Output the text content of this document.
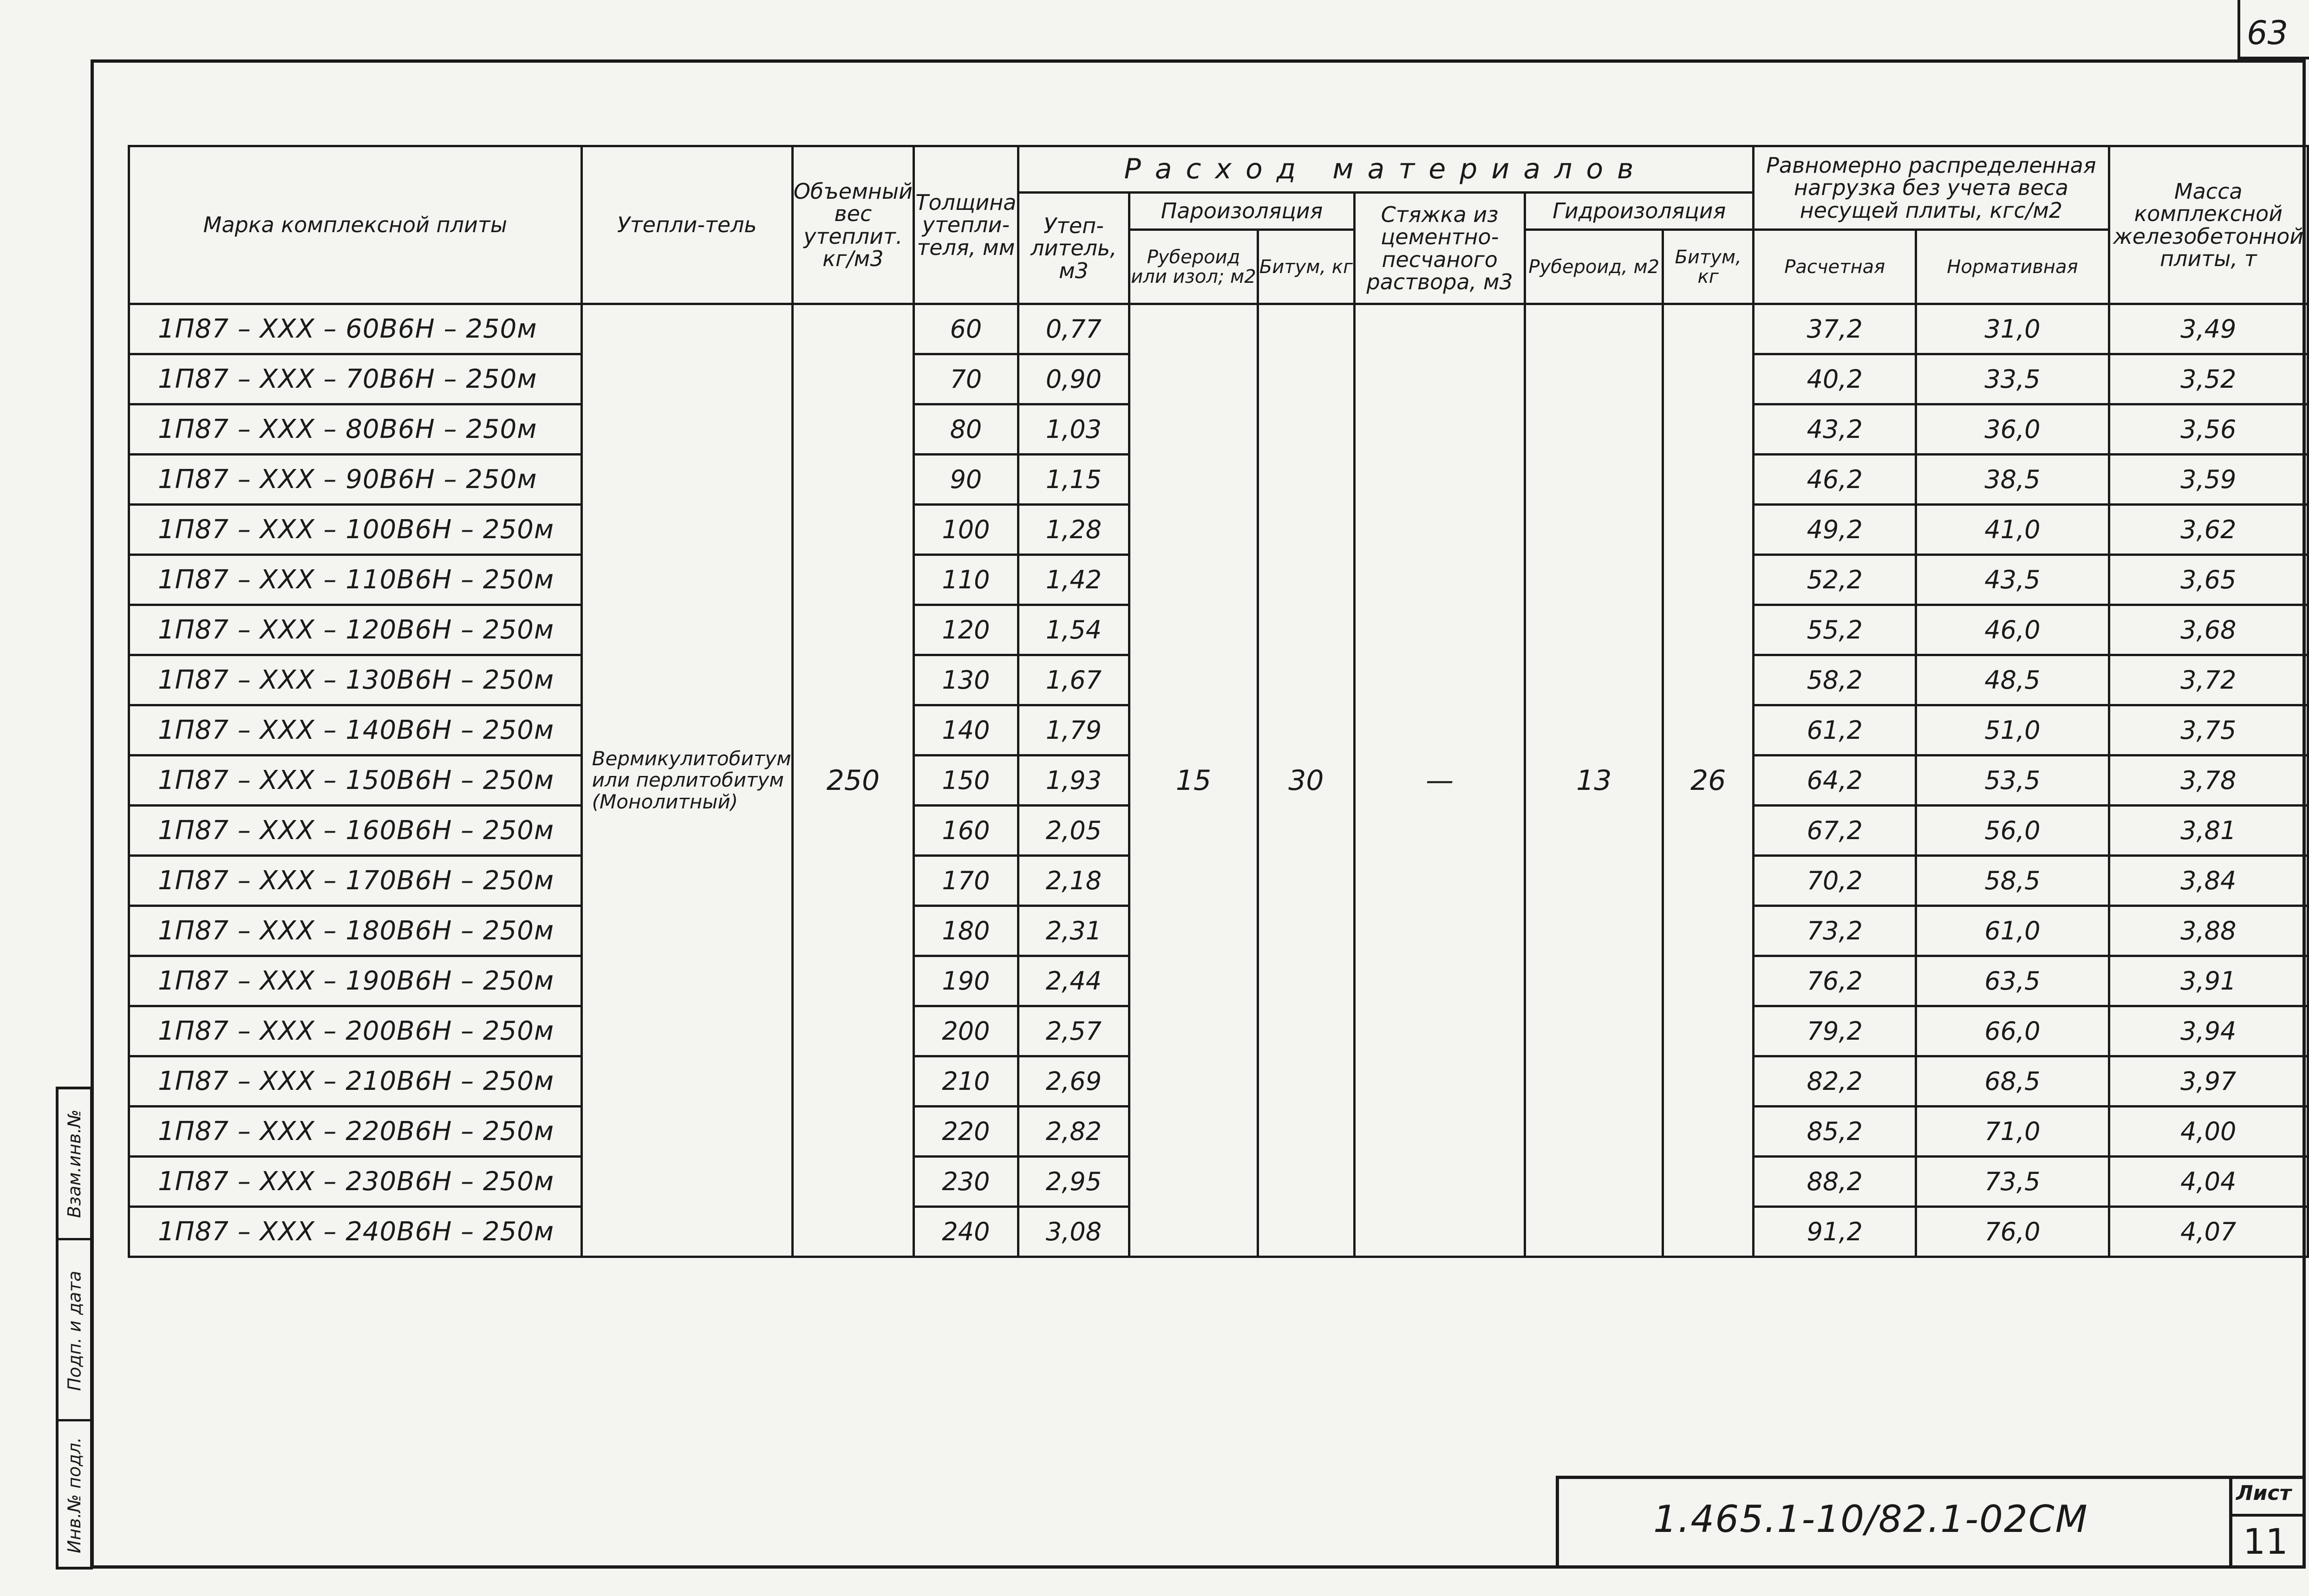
63
Взам.инв.№
Подп. и дата
Инв.№ подл.
Марка комплексной плиты	Утепли-тель	Объемный вес утеплит. кг/м3	Толщина утепли-теля, мм	Расход материалов						Равномерно распределенная нагрузка без учета веса несущей плиты, кгс/м2		Масса комплексной железобетонной плиты, т
				Утеп-литель, м3	Пароизоляция		Стяжка из цементно-песчаного раствора, м3	Гидроизоляция				
					Рубероид или изол; м2	Битум, кг		Рубероид, м2	Битум, кг	Расчетная	Нормативная	
1П87 – XXX – 60В6Н – 250м	Вермикулитобитум или перлитобитум (Монолитный)	250	60	0,77	15	30	—	13	26	37,2	31,0	3,49
1П87 – XXX – 70В6Н – 250м			70	0,90						40,2	33,5	3,52
1П87 – XXX – 80В6Н – 250м			80	1,03						43,2	36,0	3,56
1П87 – XXX – 90В6Н – 250м			90	1,15						46,2	38,5	3,59
1П87 – XXX – 100В6Н – 250м			100	1,28						49,2	41,0	3,62
1П87 – XXX – 110В6Н – 250м			110	1,42						52,2	43,5	3,65
1П87 – XXX – 120В6Н – 250м			120	1,54						55,2	46,0	3,68
1П87 – XXX – 130В6Н – 250м			130	1,67						58,2	48,5	3,72
1П87 – XXX – 140В6Н – 250м			140	1,79						61,2	51,0	3,75
1П87 – XXX – 150В6Н – 250м			150	1,93						64,2	53,5	3,78
1П87 – XXX – 160В6Н – 250м			160	2,05						67,2	56,0	3,81
1П87 – XXX – 170В6Н – 250м			170	2,18						70,2	58,5	3,84
1П87 – XXX – 180В6Н – 250м			180	2,31						73,2	61,0	3,88
1П87 – XXX – 190В6Н – 250м			190	2,44						76,2	63,5	3,91
1П87 – XXX – 200В6Н – 250м			200	2,57						79,2	66,0	3,94
1П87 – XXX – 210В6Н – 250м			210	2,69						82,2	68,5	3,97
1П87 – XXX – 220В6Н – 250м			220	2,82						85,2	71,0	4,00
1П87 – XXX – 230В6Н – 250м			230	2,95						88,2	73,5	4,04
1П87 – XXX – 240В6Н – 250м			240	3,08						91,2	76,0	4,07
1.465.1-10/82.1-02СМ
Лист
11
